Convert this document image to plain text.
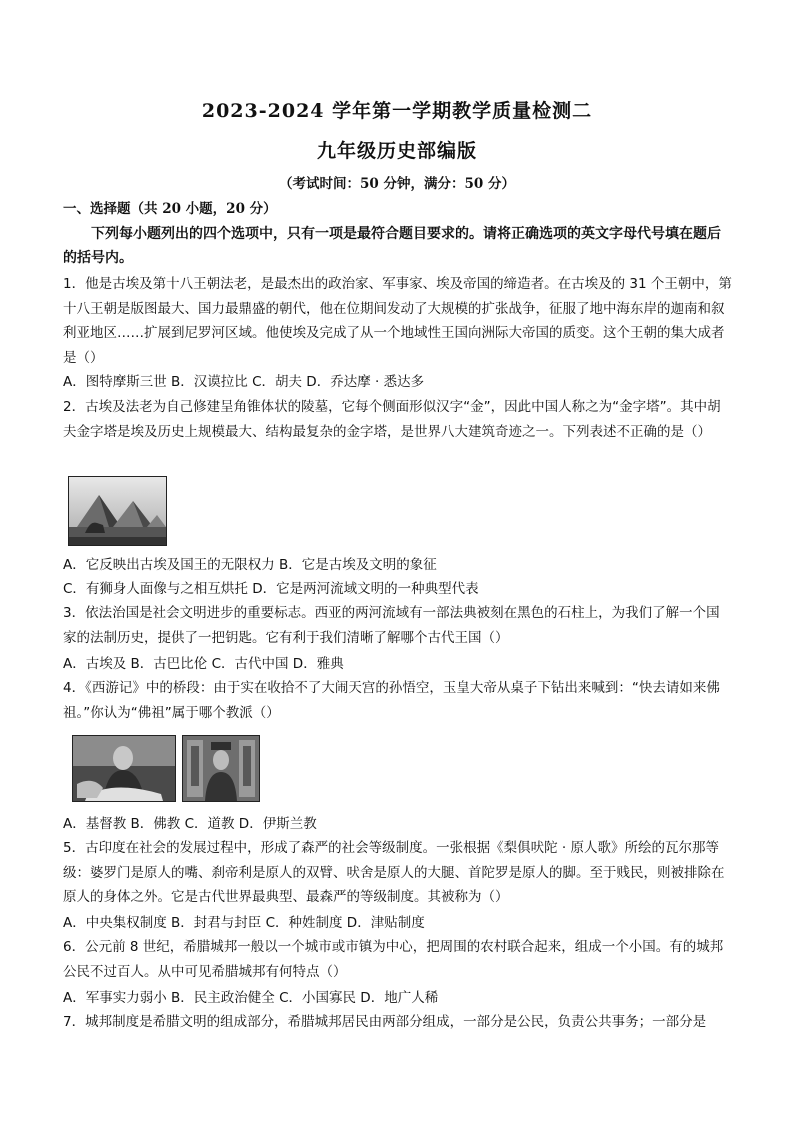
2023-2024 学年第一学期教学质量检测二
九年级历史部编版
（考试时间：50 分钟，满分：50 分）
一、选择题（共 20 小题，20 分）
下列每小题列出的四个选项中，只有一项是最符合题目要求的。请将正确选项的英文字母代号填在题后的括号内。
1．他是古埃及第十八王朝法老，是最杰出的政治家、军事家、埃及帝国的缔造者。在古埃及的 31 个王朝中，第十八王朝是版图最大、国力最鼎盛的朝代，他在位期间发动了大规模的扩张战争，征服了地中海东岸的迦南和叙利亚地区……扩展到尼罗河区域。他使埃及完成了从一个地域性王国向洲际大帝国的质变。这个王朝的集大成者是（）
A．图特摩斯三世 B．汉谟拉比 C．胡夫 D．乔达摩 · 悉达多
2．古埃及法老为自己修建呈角锥体状的陵墓，它每个侧面形似汉字“金”，因此中国人称之为“金字塔”。其中胡夫金字塔是埃及历史上规模最大、结构最复杂的金字塔，是世界八大建筑奇迹之一。下列表述不正确的是（）
A．它反映出古埃及国王的无限权力 B．它是古埃及文明的象征
C．有狮身人面像与之相互烘托 D．它是两河流域文明的一种典型代表
3．依法治国是社会文明进步的重要标志。西亚的两河流域有一部法典被刻在黑色的石柱上，为我们了解一个国家的法制历史，提供了一把钥匙。它有利于我们清晰了解哪个古代王国（）
A．古埃及 B．古巴比伦 C．古代中国 D．雅典
4．《西游记》中的桥段：由于实在收拾不了大闹天宫的孙悟空，玉皇大帝从桌子下钻出来喊到：“快去请如来佛祖。”你认为“佛祖”属于哪个教派（）
A．基督教 B．佛教 C．道教 D．伊斯兰教
5．古印度在社会的发展过程中，形成了森严的社会等级制度。一张根据《梨俱吠陀 · 原人歌》所绘的瓦尔那等级：婆罗门是原人的嘴、刹帝利是原人的双臂、吠舍是原人的大腿、首陀罗是原人的脚。至于贱民，则被排除在原人的身体之外。它是古代世界最典型、最森严的等级制度。其被称为（）
A．中央集权制度 B．封君与封臣 C．种姓制度 D．津贴制度
6．公元前 8 世纪，希腊城邦一般以一个城市或市镇为中心，把周围的农村联合起来，组成一个小国。有的城邦公民不过百人。从中可见希腊城邦有何特点（）
A．军事实力弱小 B．民主政治健全 C．小国寡民 D．地广人稀
7．城邦制度是希腊文明的组成部分，希腊城邦居民由两部分组成，一部分是公民，负责公共事务；一部分是
